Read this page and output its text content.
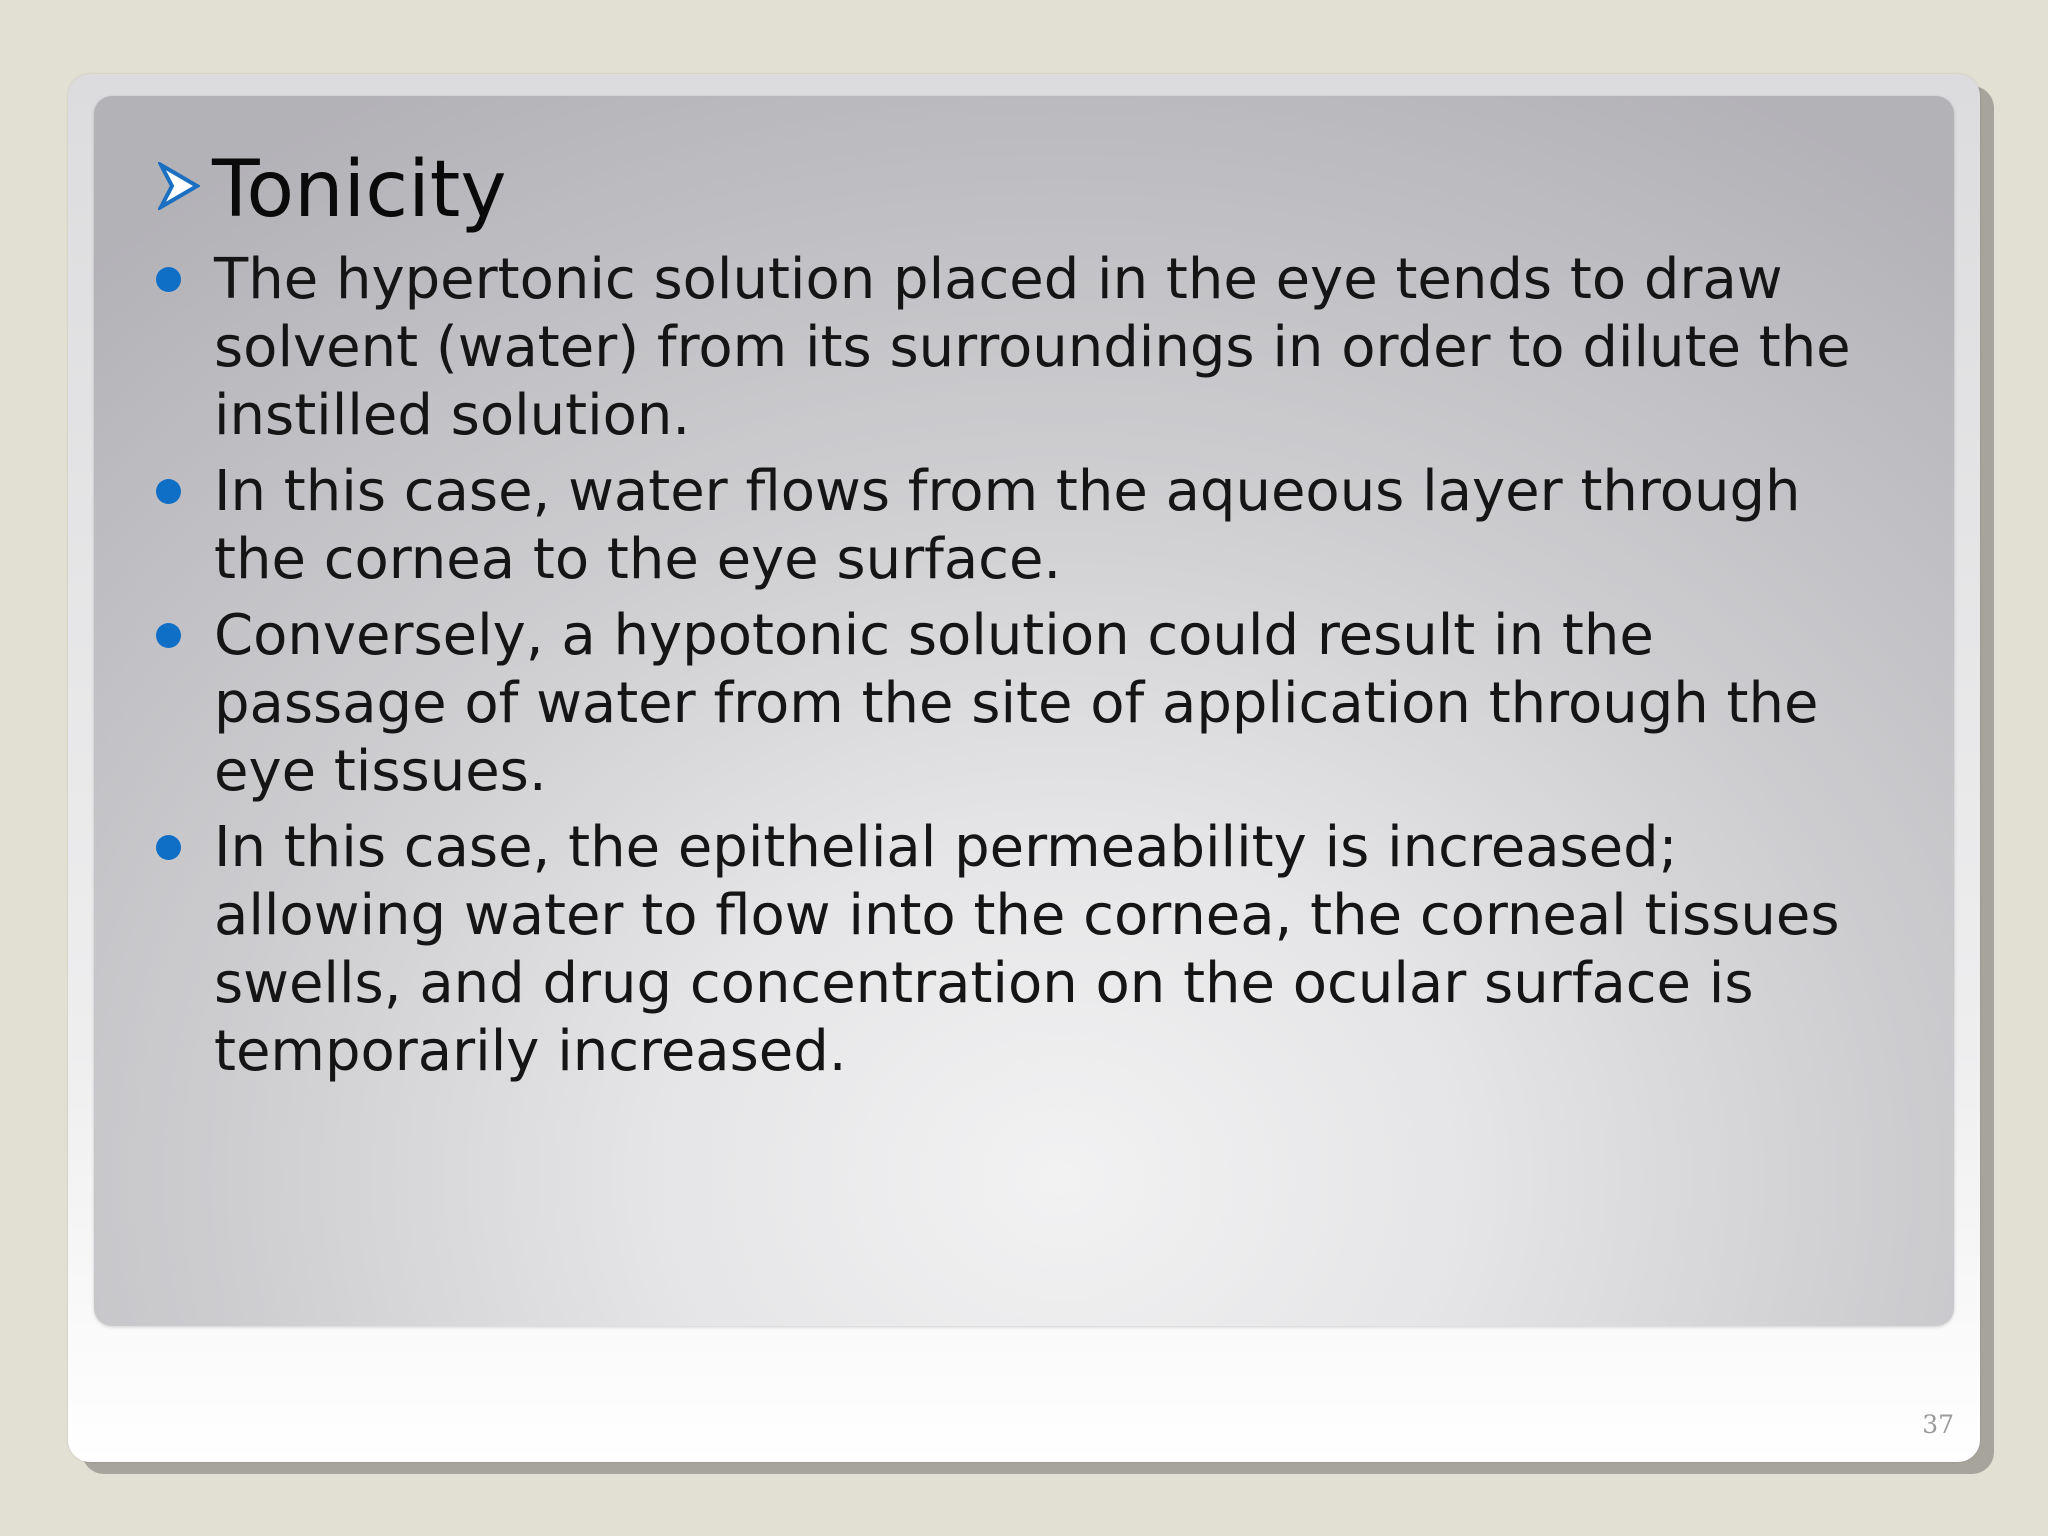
Tonicity
The hypertonic solution placed in the eye tends to draw
solvent (water) from its surroundings in order to dilute the
instilled solution.
In this case, water flows from the aqueous layer through
the cornea to the eye surface.
Conversely, a hypotonic solution could result in the
passage of water from the site of application through the
eye tissues.
In this case, the epithelial permeability is increased;
allowing water to flow into the cornea, the corneal tissues
swells, and drug concentration on the ocular surface is
temporarily increased.
37
